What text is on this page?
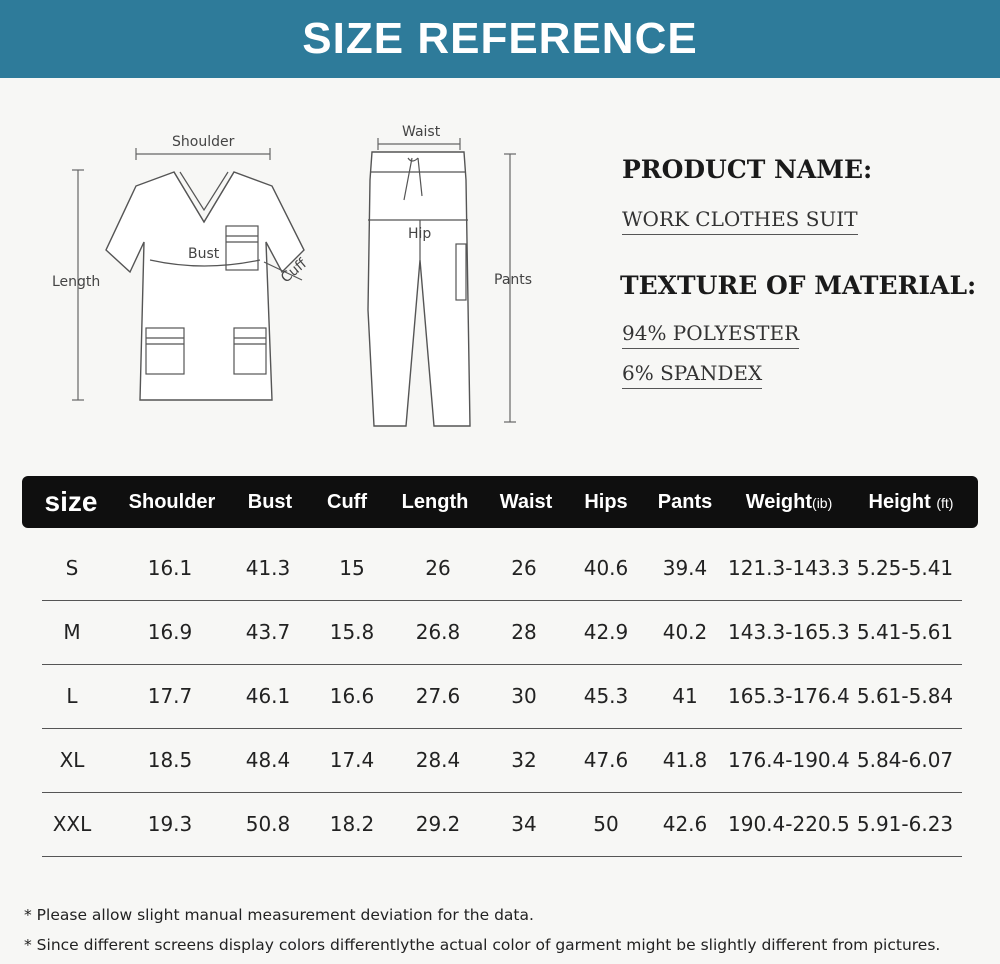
SIZE REFERENCE
Shoulder
Bust
Cuff
Length
Waist
Hip
Pants
PRODUCT NAME:
WORK CLOTHES SUIT
TEXTURE OF MATERIAL:
94% POLYESTER
6% SPANDEX
size	Shoulder	Bust	Cuff	Length	Waist	Hips	Pants	Weight(ib)	Height (ft)
S	16.1	41.3	15	26	26	40.6	39.4	121.3-143.3 5.25-5.41
M	16.9	43.7	15.8	26.8	28	42.9	40.2	143.3-165.3 5.41-5.61
L	17.7	46.1	16.6	27.6	30	45.3	41	165.3-176.4 5.61-5.84
XL	18.5	48.4	17.4	28.4	32	47.6	41.8	176.4-190.4 5.84-6.07
XXL	19.3	50.8	18.2	29.2	34	50	42.6	190.4-220.5 5.91-6.23
* Please allow slight manual measurement deviation for the data.
* Since different screens display colors differentlythe actual color of garment might be slightly different from pictures.
